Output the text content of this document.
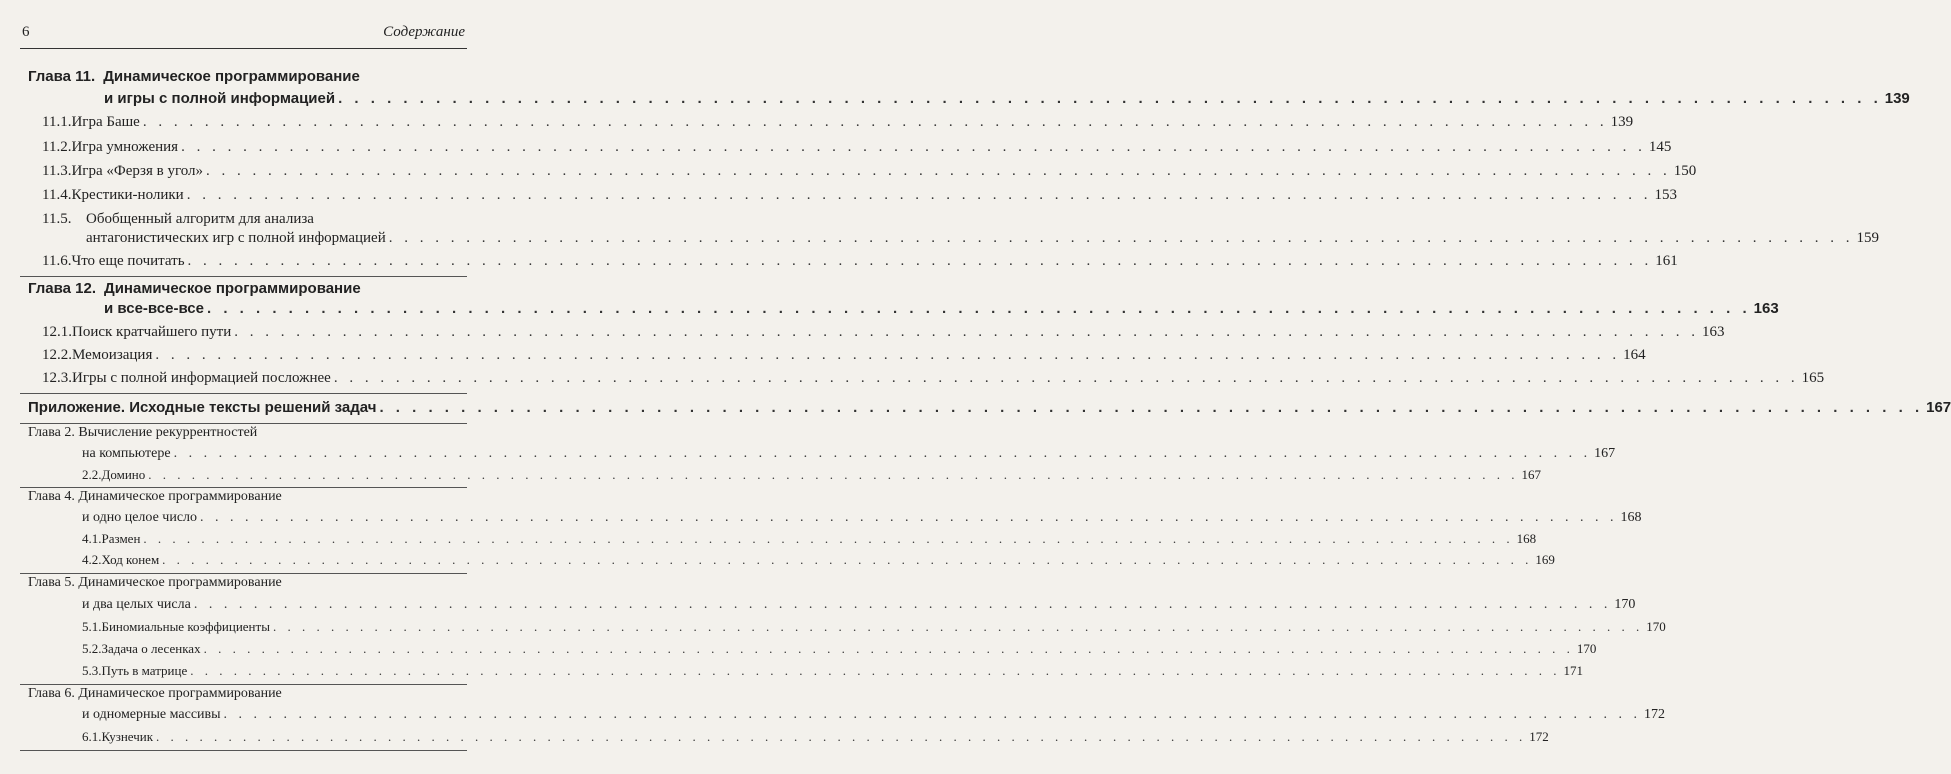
6	Содержание
Глава 11. Динамическое программирование
и игры с полной информацией . . . . . . . . . . . . . . . . . . . . . . . . . . . . . . . . . . . . . . . . . . . . . . . . . . . . . . . . . . . . . . . . . . . . . . . . . . . . . . . . . . . . . . . . . . . . . . . 139
11.1. Игра Баше . . . . . . . . . . . . . . . . . . . . . . . . . . . . . . . . . . . . . . . . . . . . . . . . . . . . . . . . . . . . . . . . . . . . . . . . . . . . . . . . . . . . . . . . . . . . . . . 139
11.2. Игра умножения . . . . . . . . . . . . . . . . . . . . . . . . . . . . . . . . . . . . . . . . . . . . . . . . . . . . . . . . . . . . . . . . . . . . . . . . . . . . . . . . . . . . . . . . . . . . . . . 145
11.3. Игра «Ферзя в угол» . . . . . . . . . . . . . . . . . . . . . . . . . . . . . . . . . . . . . . . . . . . . . . . . . . . . . . . . . . . . . . . . . . . . . . . . . . . . . . . . . . . . . . . . . . . . . . . 150
11.4. Крестики-нолики . . . . . . . . . . . . . . . . . . . . . . . . . . . . . . . . . . . . . . . . . . . . . . . . . . . . . . . . . . . . . . . . . . . . . . . . . . . . . . . . . . . . . . . . . . . . . . . 153
11.5. Обобщенный алгоритм для анализа
антагонистических игр с полной информацией . . . . . . . . . . . . . . . . . . . . . . . . . . . . . . . . . . . . . . . . . . . . . . . . . . . . . . . . . . . . . . . . . . . . . . . . . . . . . . . . . . . . . . . . . . . . . . . 159
11.6. Что еще почитать . . . . . . . . . . . . . . . . . . . . . . . . . . . . . . . . . . . . . . . . . . . . . . . . . . . . . . . . . . . . . . . . . . . . . . . . . . . . . . . . . . . . . . . . . . . . . . . 161
Глава 12. Динамическое программирование
и все-все-все . . . . . . . . . . . . . . . . . . . . . . . . . . . . . . . . . . . . . . . . . . . . . . . . . . . . . . . . . . . . . . . . . . . . . . . . . . . . . . . . . . . . . . . . . . . . . . . 163
12.1. Поиск кратчайшего пути . . . . . . . . . . . . . . . . . . . . . . . . . . . . . . . . . . . . . . . . . . . . . . . . . . . . . . . . . . . . . . . . . . . . . . . . . . . . . . . . . . . . . . . . . . . . . . . 163
12.2. Мемоизация . . . . . . . . . . . . . . . . . . . . . . . . . . . . . . . . . . . . . . . . . . . . . . . . . . . . . . . . . . . . . . . . . . . . . . . . . . . . . . . . . . . . . . . . . . . . . . . 164
12.3. Игры с полной информацией посложнее . . . . . . . . . . . . . . . . . . . . . . . . . . . . . . . . . . . . . . . . . . . . . . . . . . . . . . . . . . . . . . . . . . . . . . . . . . . . . . . . . . . . . . . . . . . . . . . 165
Приложение. Исходные тексты решений задач . . . . . . . . . . . . . . . . . . . . . . . . . . . . . . . . . . . . . . . . . . . . . . . . . . . . . . . . . . . . . . . . . . . . . . . . . . . . . . . . . . . . . . . . . . . . . . . 167
Глава 2. Вычисление рекуррентностей
на компьютере . . . . . . . . . . . . . . . . . . . . . . . . . . . . . . . . . . . . . . . . . . . . . . . . . . . . . . . . . . . . . . . . . . . . . . . . . . . . . . . . . . . . . . . . . . . . . . . 167
2.2. Домино . . . . . . . . . . . . . . . . . . . . . . . . . . . . . . . . . . . . . . . . . . . . . . . . . . . . . . . . . . . . . . . . . . . . . . . . . . . . . . . . . . . . . . . . . . . . . . . 167
Глава 4. Динамическое программирование
и одно целое число . . . . . . . . . . . . . . . . . . . . . . . . . . . . . . . . . . . . . . . . . . . . . . . . . . . . . . . . . . . . . . . . . . . . . . . . . . . . . . . . . . . . . . . . . . . . . . . 168
4.1. Размен . . . . . . . . . . . . . . . . . . . . . . . . . . . . . . . . . . . . . . . . . . . . . . . . . . . . . . . . . . . . . . . . . . . . . . . . . . . . . . . . . . . . . . . . . . . . . . . 168
4.2. Ход конем . . . . . . . . . . . . . . . . . . . . . . . . . . . . . . . . . . . . . . . . . . . . . . . . . . . . . . . . . . . . . . . . . . . . . . . . . . . . . . . . . . . . . . . . . . . . . . . 169
Глава 5. Динамическое программирование
и два целых числа . . . . . . . . . . . . . . . . . . . . . . . . . . . . . . . . . . . . . . . . . . . . . . . . . . . . . . . . . . . . . . . . . . . . . . . . . . . . . . . . . . . . . . . . . . . . . . . 170
5.1. Биномиальные коэффициенты . . . . . . . . . . . . . . . . . . . . . . . . . . . . . . . . . . . . . . . . . . . . . . . . . . . . . . . . . . . . . . . . . . . . . . . . . . . . . . . . . . . . . . . . . . . . . . . 170
5.2. Задача о лесенках . . . . . . . . . . . . . . . . . . . . . . . . . . . . . . . . . . . . . . . . . . . . . . . . . . . . . . . . . . . . . . . . . . . . . . . . . . . . . . . . . . . . . . . . . . . . . . . 170
5.3. Путь в матрице . . . . . . . . . . . . . . . . . . . . . . . . . . . . . . . . . . . . . . . . . . . . . . . . . . . . . . . . . . . . . . . . . . . . . . . . . . . . . . . . . . . . . . . . . . . . . . . 171
Глава 6. Динамическое программирование
и одномерные массивы . . . . . . . . . . . . . . . . . . . . . . . . . . . . . . . . . . . . . . . . . . . . . . . . . . . . . . . . . . . . . . . . . . . . . . . . . . . . . . . . . . . . . . . . . . . . . . . 172
6.1. Кузнечик . . . . . . . . . . . . . . . . . . . . . . . . . . . . . . . . . . . . . . . . . . . . . . . . . . . . . . . . . . . . . . . . . . . . . . . . . . . . . . . . . . . . . . . . . . . . . . . 172
